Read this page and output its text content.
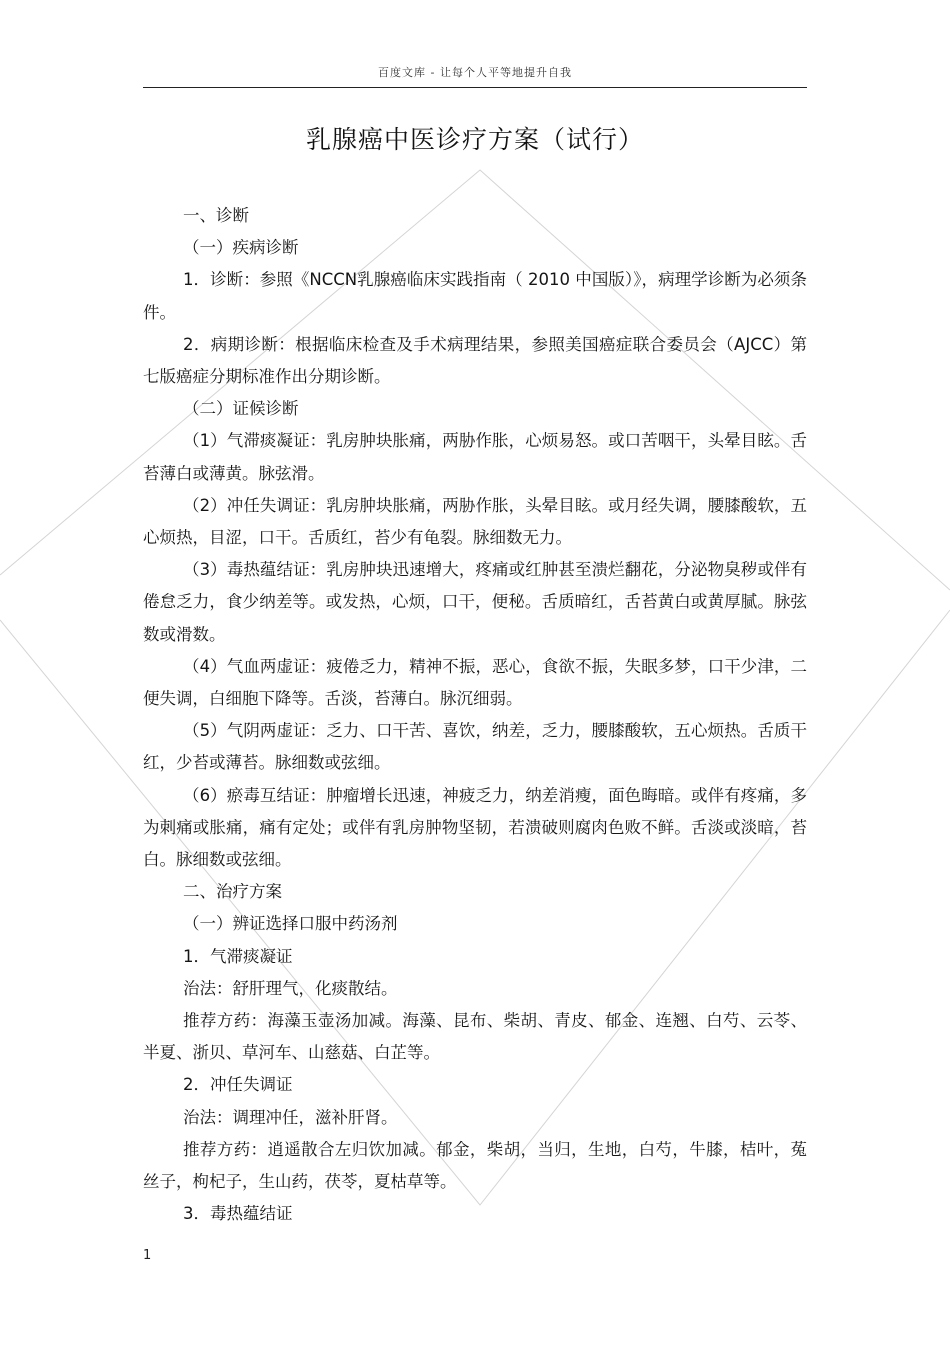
百度文库 - 让每个人平等地提升自我
乳腺癌中医诊疗方案（试行）

一、诊断

（一）疾病诊断

1．诊断：参照《NCCN乳腺癌临床实践指南（ 2010 中国版）》，病理学诊断为必须条件。

2．病期诊断：根据临床检查及手术病理结果，参照美国癌症联合委员会（AJCC）第七版癌症分期标准作出分期诊断。

（二）证候诊断

（1）气滞痰凝证：乳房肿块胀痛，两胁作胀，心烦易怒。或口苦咽干，头晕目眩。舌苔薄白或薄黄。脉弦滑。

（2）冲任失调证：乳房肿块胀痛，两胁作胀，头晕目眩。或月经失调，腰膝酸软，五心烦热，目涩，口干。舌质红，苔少有龟裂。脉细数无力。

（3）毒热蕴结证：乳房肿块迅速增大，疼痛或红肿甚至溃烂翻花，分泌物臭秽或伴有倦怠乏力，食少纳差等。或发热，心烦，口干，便秘。舌质暗红，舌苔黄白或黄厚腻。脉弦数或滑数。

（4）气血两虚证：疲倦乏力，精神不振，恶心，食欲不振，失眠多梦，口干少津，二便失调，白细胞下降等。舌淡，苔薄白。脉沉细弱。

（5）气阴两虚证：乏力、口干苦、喜饮，纳差，乏力，腰膝酸软，五心烦热。舌质干红，少苔或薄苔。脉细数或弦细。

（6）瘀毒互结证：肿瘤增长迅速，神疲乏力，纳差消瘦，面色晦暗。或伴有疼痛，多为刺痛或胀痛，痛有定处；或伴有乳房肿物坚韧，若溃破则腐肉色败不鲜。舌淡或淡暗，苔白。脉细数或弦细。

二、治疗方案

（一）辨证选择口服中药汤剂

1．气滞痰凝证

治法：舒肝理气，化痰散结。

推荐方药：海藻玉壶汤加减。海藻、昆布、柴胡、青皮、郁金、连翘、白芍、云苓、半夏、浙贝、草河车、山慈菇、白芷等。

2．冲任失调证

治法：调理冲任，滋补肝肾。

推荐方药：逍遥散合左归饮加减。郁金，柴胡，当归，生地，白芍，牛膝，桔叶，菟丝子，枸杞子，生山药，茯苓，夏枯草等。

3．毒热蕴结证

1
